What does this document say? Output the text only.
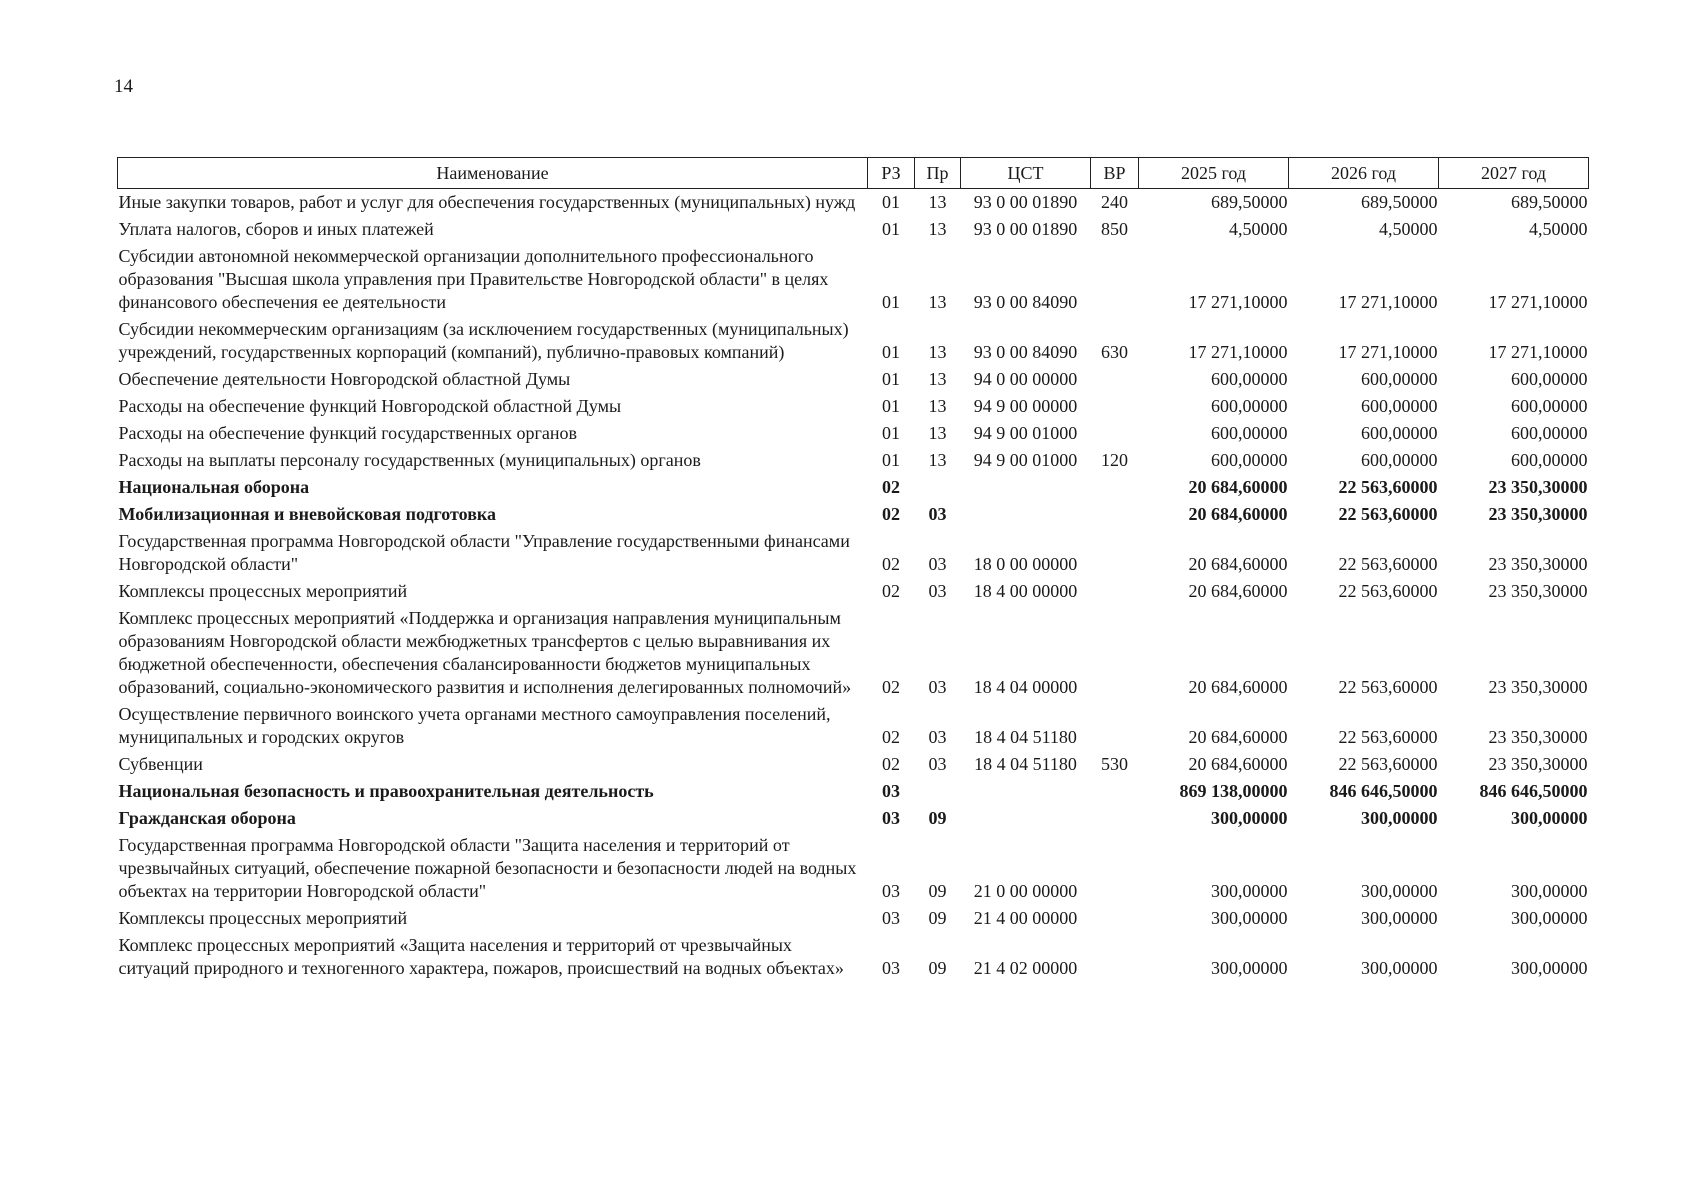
14
Наименование	РЗ	Пр	ЦСТ	ВР	2025 год	2026 год	2027 год
Иные закупки товаров, работ и услуг для обеспечения государственных (муниципальных) нужд	01	13	93 0 00 01890	240	689,50000	689,50000	689,50000
Уплата налогов, сборов и иных платежей	01	13	93 0 00 01890	850	4,50000	4,50000	4,50000
Субсидии автономной некоммерческой организации дополнительного профессионального образования "Высшая школа управления при Правительстве Новгородской области" в целях финансового обеспечения ее деятельности	01	13	93 0 00 84090		17 271,10000	17 271,10000	17 271,10000
Субсидии некоммерческим организациям (за исключением государственных (муниципальных) учреждений, государственных корпораций (компаний), публично-правовых компаний)	01	13	93 0 00 84090	630	17 271,10000	17 271,10000	17 271,10000
Обеспечение деятельности Новгородской областной Думы	01	13	94 0 00 00000		600,00000	600,00000	600,00000
Расходы на обеспечение функций Новгородской областной Думы	01	13	94 9 00 00000		600,00000	600,00000	600,00000
Расходы на обеспечение функций государственных органов	01	13	94 9 00 01000		600,00000	600,00000	600,00000
Расходы на выплаты персоналу государственных (муниципальных) органов	01	13	94 9 00 01000	120	600,00000	600,00000	600,00000
Национальная оборона	02				20 684,60000	22 563,60000	23 350,30000
Мобилизационная и вневойсковая подготовка	02	03			20 684,60000	22 563,60000	23 350,30000
Государственная программа Новгородской области "Управление государственными финансами Новгородской области"	02	03	18 0 00 00000		20 684,60000	22 563,60000	23 350,30000
Комплексы процессных мероприятий	02	03	18 4 00 00000		20 684,60000	22 563,60000	23 350,30000
Комплекс процессных мероприятий «Поддержка и организация направления муниципальным образованиям Новгородской области межбюджетных трансфертов с целью выравнивания их бюджетной обеспеченности, обеспечения сбалансированности бюджетов муниципальных образований, социально-экономического развития и исполнения делегированных полномочий»	02	03	18 4 04 00000		20 684,60000	22 563,60000	23 350,30000
Осуществление первичного воинского учета органами местного самоуправления поселений, муниципальных и городских округов	02	03	18 4 04 51180		20 684,60000	22 563,60000	23 350,30000
Субвенции	02	03	18 4 04 51180	530	20 684,60000	22 563,60000	23 350,30000
Национальная безопасность и правоохранительная деятельность	03				869 138,00000	846 646,50000	846 646,50000
Гражданская оборона	03	09			300,00000	300,00000	300,00000
Государственная программа Новгородской области "Защита населения и территорий от чрезвычайных ситуаций, обеспечение пожарной безопасности и безопасности людей на водных объектах на территории Новгородской области"	03	09	21 0 00 00000		300,00000	300,00000	300,00000
Комплексы процессных мероприятий	03	09	21 4 00 00000		300,00000	300,00000	300,00000
Комплекс процессных мероприятий «Защита населения и территорий от чрезвычайных ситуаций природного и техногенного характера, пожаров, происшествий на водных объектах»	03	09	21 4 02 00000		300,00000	300,00000	300,00000
